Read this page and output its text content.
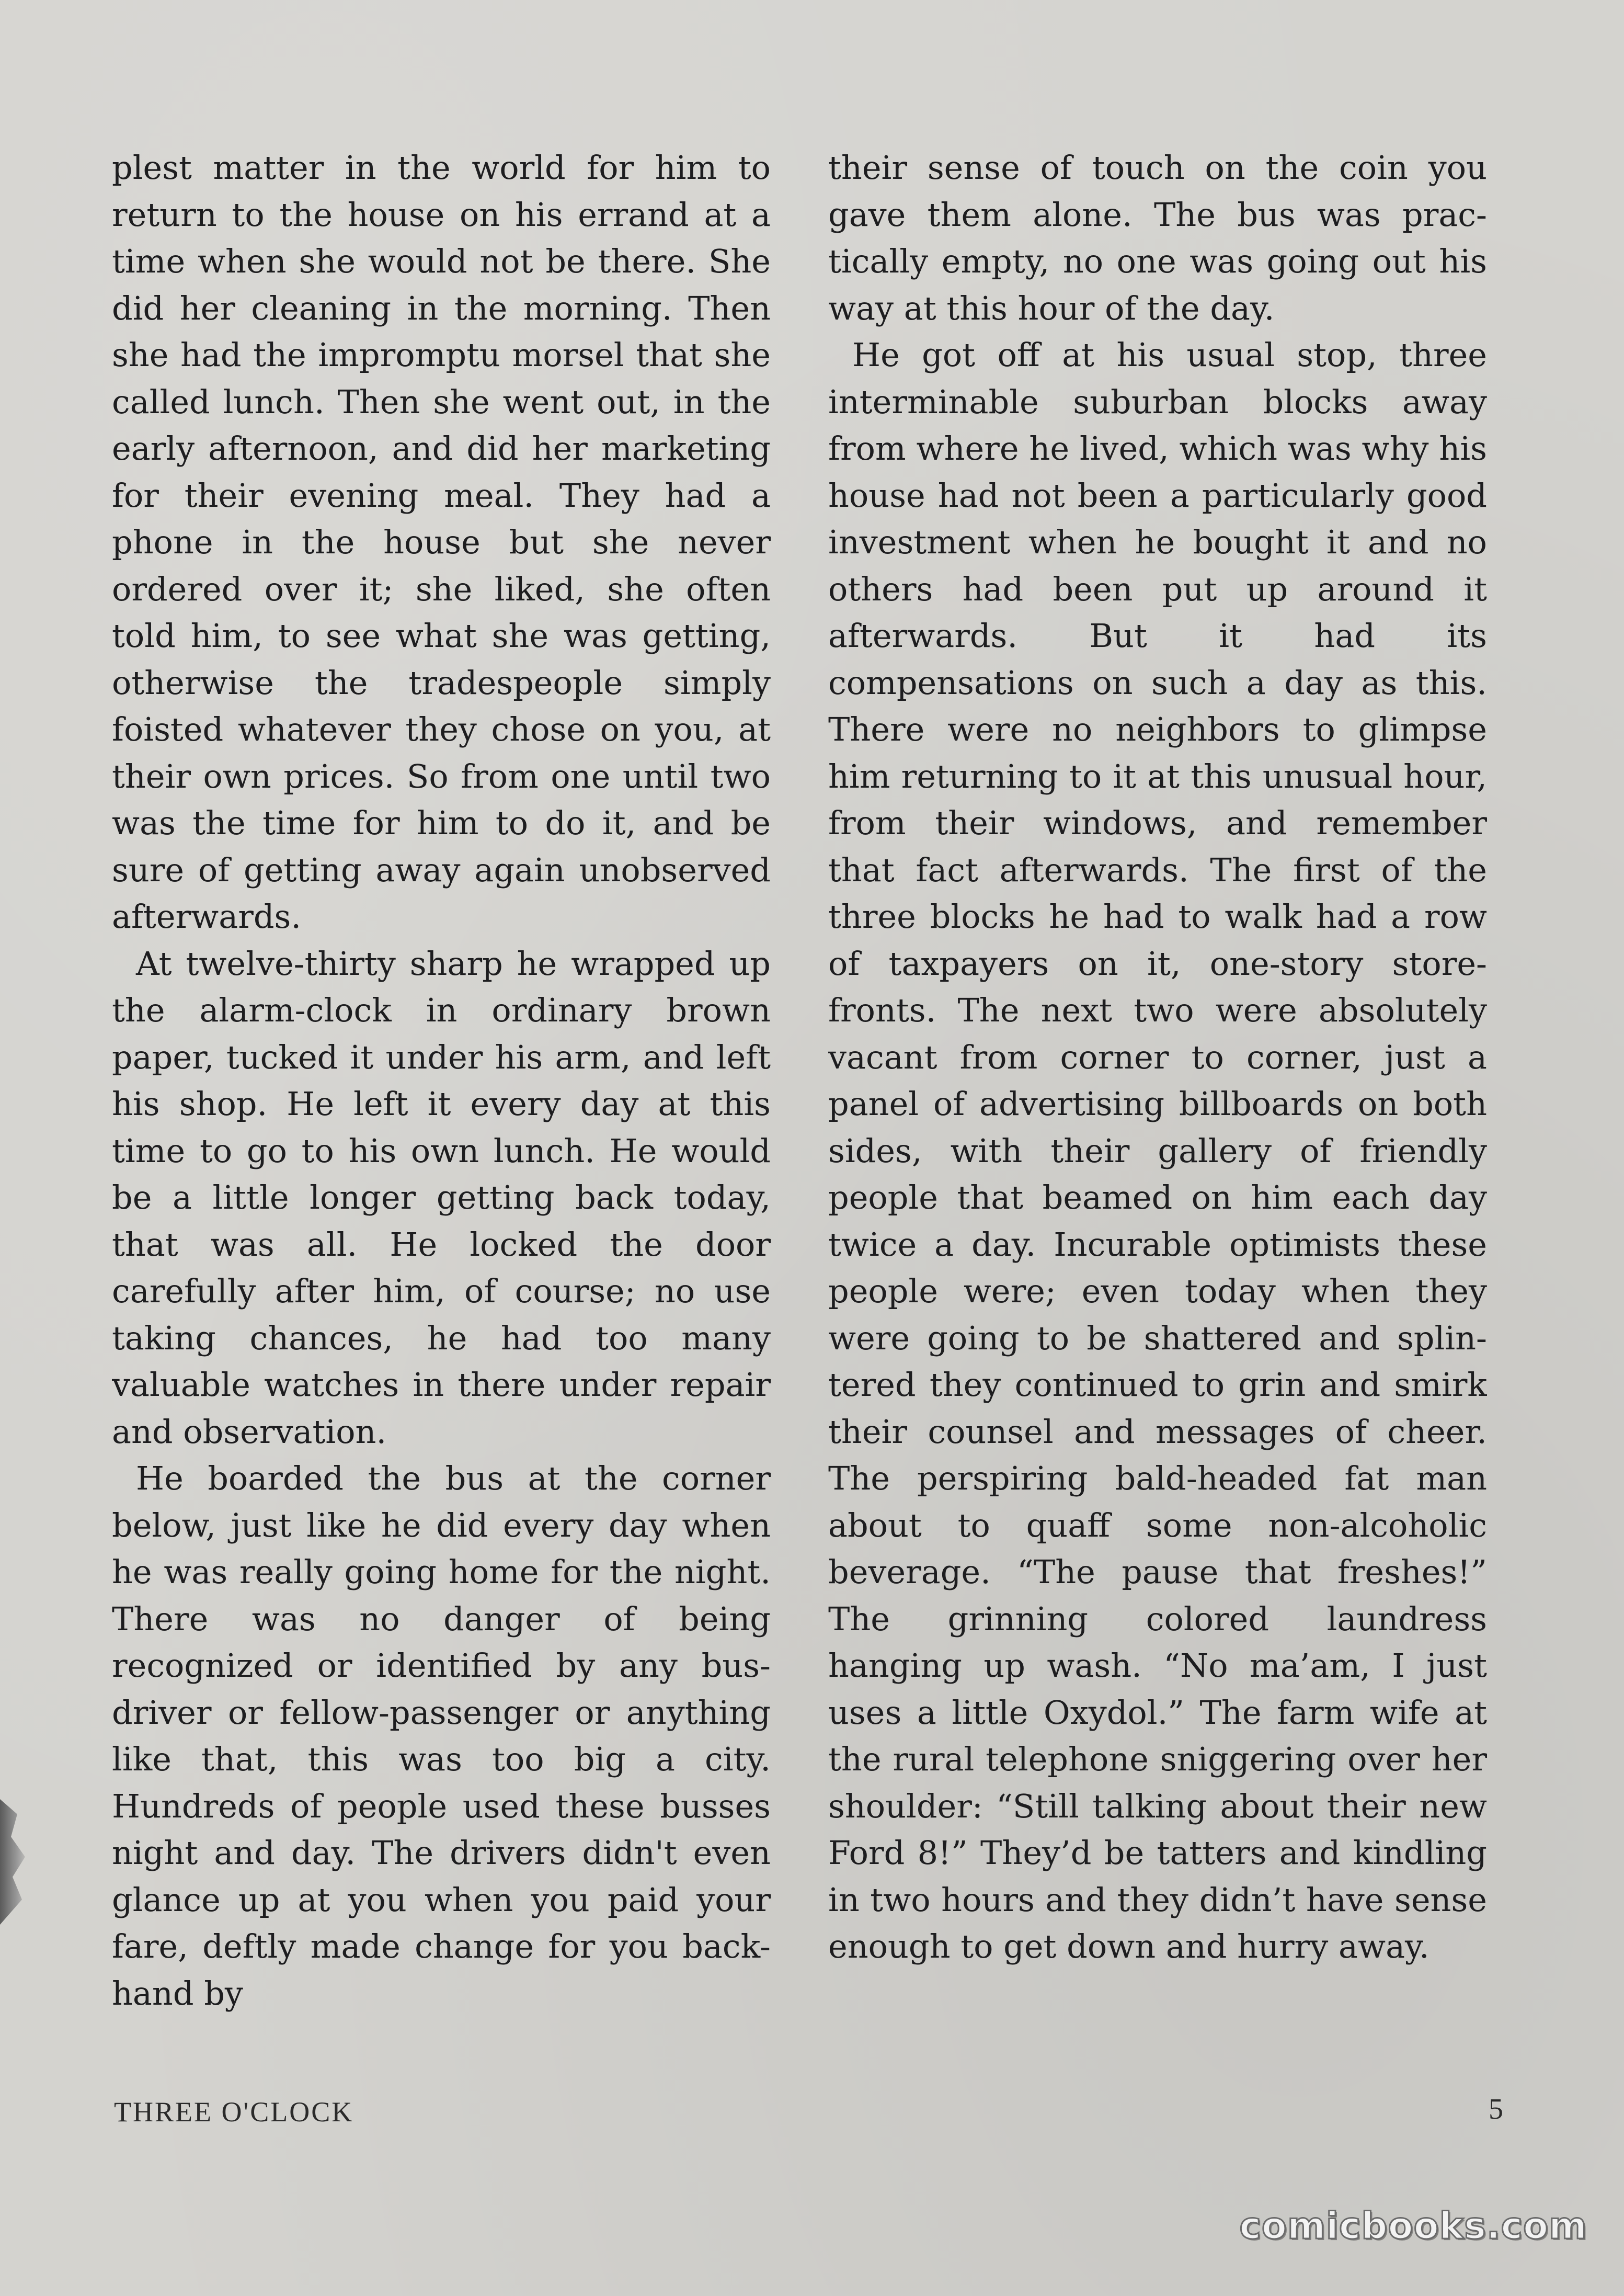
plest matter in the world for him to return to the house on his errand at a time when she would not be there. She did her cleaning in the morning. Then she had the impromptu morsel that she called lunch. Then she went out, in the early afternoon, and did her marketing for their evening meal. They had a phone in the house but she never ordered over it; she liked, she often told him, to see what she was getting, otherwise the tradespeople simply foisted whatever they chose on you, at their own prices. So from one until two was the time for him to do it, and be sure of getting away again unobserved afterwards.

At twelve-thirty sharp he wrapped up the alarm-clock in ordinary brown paper, tucked it under his arm, and left his shop. He left it every day at this time to go to his own lunch. He would be a little longer getting back today, that was all. He locked the door carefully after him, of course; no use taking chances, he had too many valuable watches in there under repair and observation.

He boarded the bus at the corner below, just like he did every day when he was really going home for the night. There was no danger of being recognized or identified by any bus-driver or fellow-passenger or anything like that, this was too big a city. Hundreds of people used these busses night and day. The drivers didn't even glance up at you when you paid your fare, deftly made change for you back-hand by

their sense of touch on the coin you gave them alone. The bus was practically empty, no one was going out his way at this hour of the day.

He got off at his usual stop, three interminable suburban blocks away from where he lived, which was why his house had not been a particularly good investment when he bought it and no others had been put up around it afterwards. But it had its compensations on such a day as this. There were no neighbors to glimpse him returning to it at this unusual hour, from their windows, and remember that fact afterwards. The first of the three blocks he had to walk had a row of taxpayers on it, one-story store-fronts. The next two were absolutely vacant from corner to corner, just a panel of advertising billboards on both sides, with their gallery of friendly people that beamed on him each day twice a day. Incurable optimists these people were; even today when they were going to be shattered and splintered they continued to grin and smirk their counsel and messages of cheer. The perspiring bald-headed fat man about to quaff some non-alcoholic beverage. “The pause that freshes!” The grinning colored laundress hanging up wash. “No ma’am, I just uses a little Oxydol.” The farm wife at the rural telephone sniggering over her shoulder: “Still talking about their new Ford 8!” They’d be tatters and kindling in two hours and they didn’t have sense enough to get down and hurry away.

THREE O'CLOCK	5
comicbooks.com
